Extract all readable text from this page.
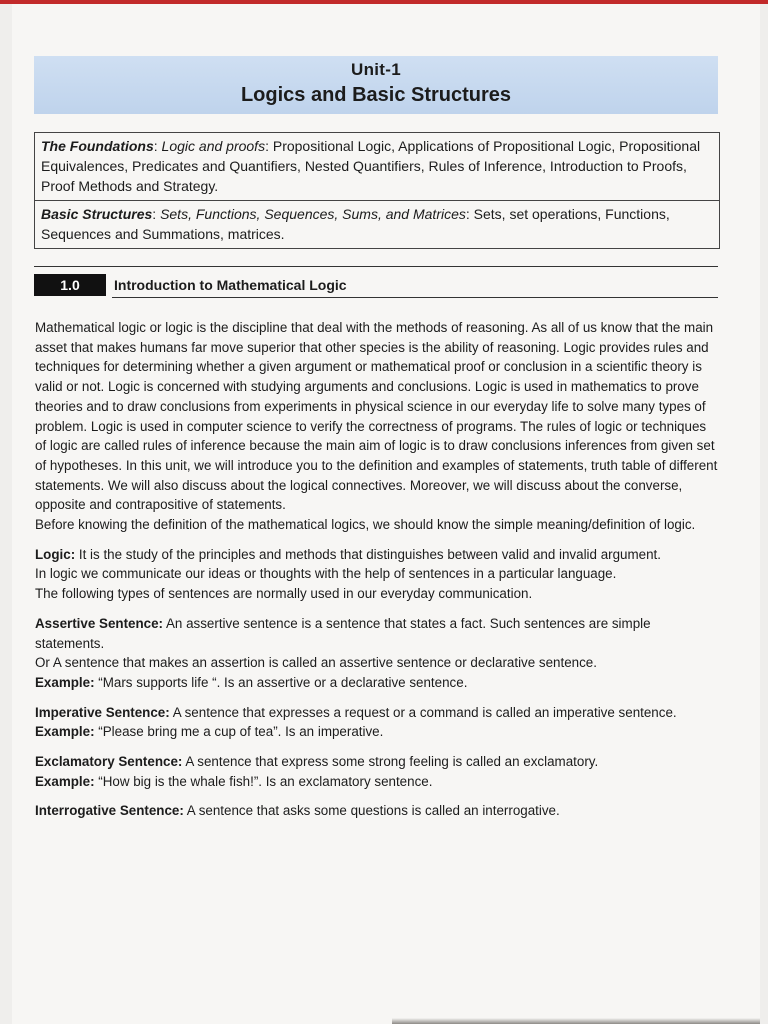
Unit-1
Logics and Basic Structures
The Foundations: Logic and proofs: Propositional Logic, Applications of Propositional Logic, Propositional Equivalences, Predicates and Quantifiers, Nested Quantifiers, Rules of Inference, Introduction to Proofs, Proof Methods and Strategy.
Basic Structures: Sets, Functions, Sequences, Sums, and Matrices: Sets, set operations, Functions, Sequences and Summations, matrices.
1.0	Introduction to Mathematical Logic

Mathematical logic or logic is the discipline that deal with the methods of reasoning. As all of us know that the main asset that makes humans far move superior that other species is the ability of reasoning. Logic provides rules and techniques for determining whether a given argument or mathematical proof or conclusion in a scientific theory is valid or not. Logic is concerned with studying arguments and conclusions. Logic is used in mathematics to prove theories and to draw conclusions from experiments in physical science in our everyday life to solve many types of problem. Logic is used in computer science to verify the correctness of programs. The rules of logic or techniques of logic are called rules of inference because the main aim of logic is to draw conclusions inferences from given set of hypotheses. In this unit, we will introduce you to the definition and examples of statements, truth table of different statements. We will also discuss about the logical connectives. Moreover, we will discuss about the converse, opposite and contrapositive of statements.

Before knowing the definition of the mathematical logics, we should know the simple meaning/definition of logic.

Logic: It is the study of the principles and methods that distinguishes between valid and invalid argument.

In logic we communicate our ideas or thoughts with the help of sentences in a particular language.

The following types of sentences are normally used in our everyday communication.

Assertive Sentence: An assertive sentence is a sentence that states a fact. Such sentences are simple statements.

Or A sentence that makes an assertion is called an assertive sentence or declarative sentence.

Example: “Mars supports life “. Is an assertive or a declarative sentence.

Imperative Sentence: A sentence that expresses a request or a command is called an imperative sentence.

Example: “Please bring me a cup of tea”. Is an imperative.

Exclamatory Sentence: A sentence that express some strong feeling is called an exclamatory.

Example: “How big is the whale fish!”. Is an exclamatory sentence.

Interrogative Sentence: A sentence that asks some questions is called an interrogative.
